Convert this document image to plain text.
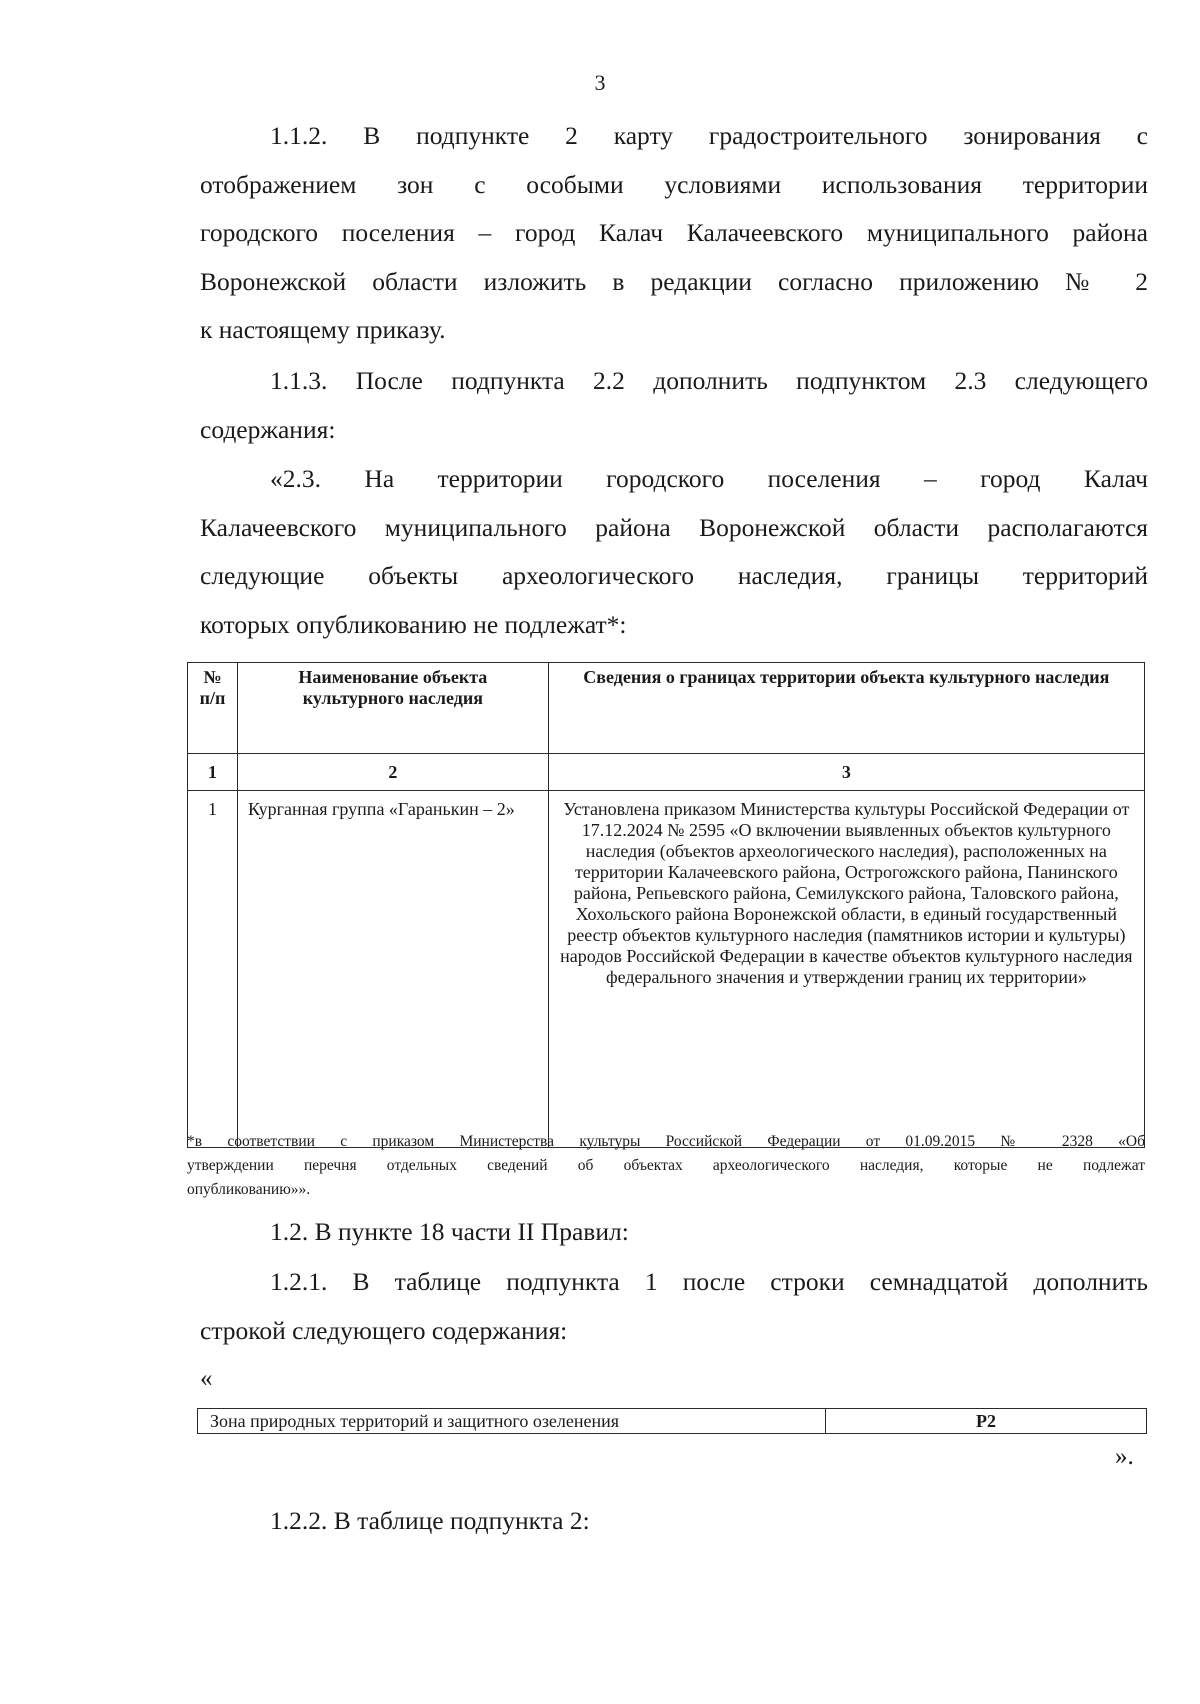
3
1.1.2. В подпункте 2 карту градостроительного зонирования с
отображением зон с особыми условиями использования территории
городского поселения – город Калач Калачеевского муниципального района
Воронежской области изложить в редакции согласно приложению № 2
к настоящему приказу.
1.1.3. После подпункта 2.2 дополнить подпунктом 2.3 следующего
содержания:
«2.3. На территории городского поселения – город Калач
Калачеевского муниципального района Воронежской области располагаются
следующие объекты археологического наследия, границы территорий
которых опубликованию не подлежат*:
№ п/п	Наименование объекта культурного наследия	Сведения о границах территории объекта культурного наследия
1	2	3
1	Курганная группа «Гаранькин – 2»	Установлена приказом Министерства культуры Российской Федерации от 17.12.2024 № 2595 «О включении выявленных объектов культурного наследия (объектов археологического наследия), расположенных на территории Калачеевского района, Острогожского района, Панинского района, Репьевского района, Семилукского района, Таловского района, Хохольского района Воронежской области, в единый государственный реестр объектов культурного наследия (памятников истории и культуры) народов Российской Федерации в качестве объектов культурного наследия федерального значения и утверждении границ их территории»
*в соответствии с приказом Министерства культуры Российской Федерации от 01.09.2015 № 2328 «Об
утверждении перечня отдельных сведений об объектах археологического наследия, которые не подлежат
опубликованию»».
1.2. В пункте 18 части II Правил:
1.2.1. В таблице подпункта 1 после строки семнадцатой дополнить
строкой следующего содержания:
«
Зона природных территорий и защитного озеленения	Р2
».
1.2.2. В таблице подпункта 2:
